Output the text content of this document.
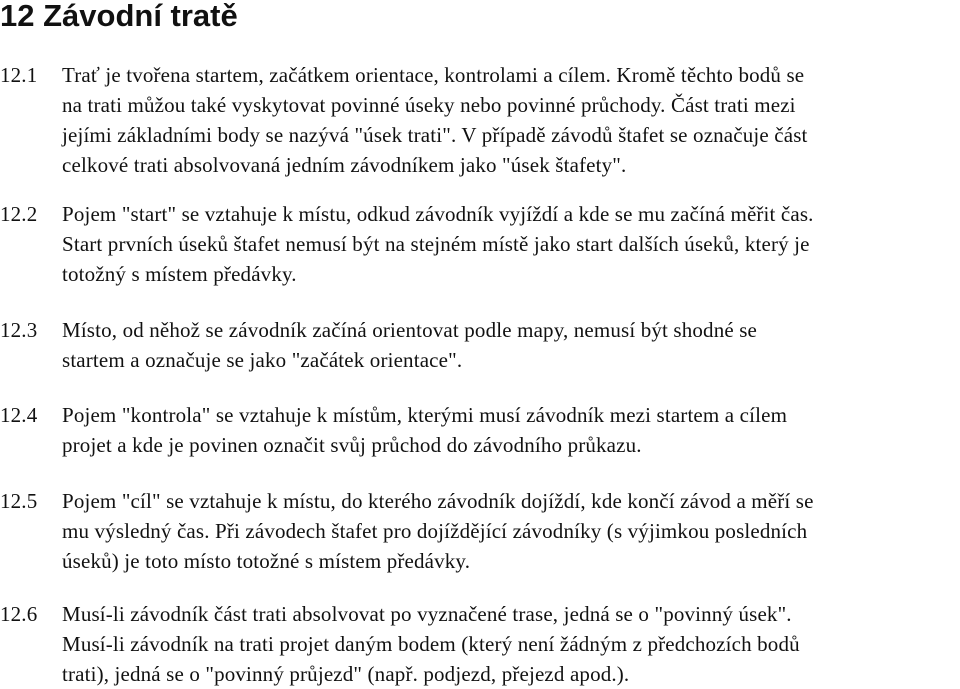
12 Závodní tratě
12.1 Trať je tvořena startem, začátkem orientace, kontrolami a cílem. Kromě těchto bodů se
na trati můžou také vyskytovat povinné úseky nebo povinné průchody. Část trati mezi
jejími základními body se nazývá "úsek trati". V případě závodů štafet se označuje část
celkové trati absolvovaná jedním závodníkem jako "úsek štafety".
12.2 Pojem "start" se vztahuje k místu, odkud závodník vyjíždí a kde se mu začíná měřit čas.
Start prvních úseků štafet nemusí být na stejném místě jako start dalších úseků, který je
totožný s místem předávky.
12.3 Místo, od něhož se závodník začíná orientovat podle mapy, nemusí být shodné se
startem a označuje se jako "začátek orientace".
12.4 Pojem "kontrola" se vztahuje k místům, kterými musí závodník mezi startem a cílem
projet a kde je povinen označit svůj průchod do závodního průkazu.
12.5 Pojem "cíl" se vztahuje k místu, do kterého závodník dojíždí, kde končí závod a měří se
mu výsledný čas. Při závodech štafet pro dojíždějící závodníky (s výjimkou posledních
úseků) je toto místo totožné s místem předávky.
12.6 Musí-li závodník část trati absolvovat po vyznačené trase, jedná se o "povinný úsek".
Musí-li závodník na trati projet daným bodem (který není žádným z předchozích bodů
trati), jedná se o "povinný průjezd" (např. podjezd, přejezd apod.).
